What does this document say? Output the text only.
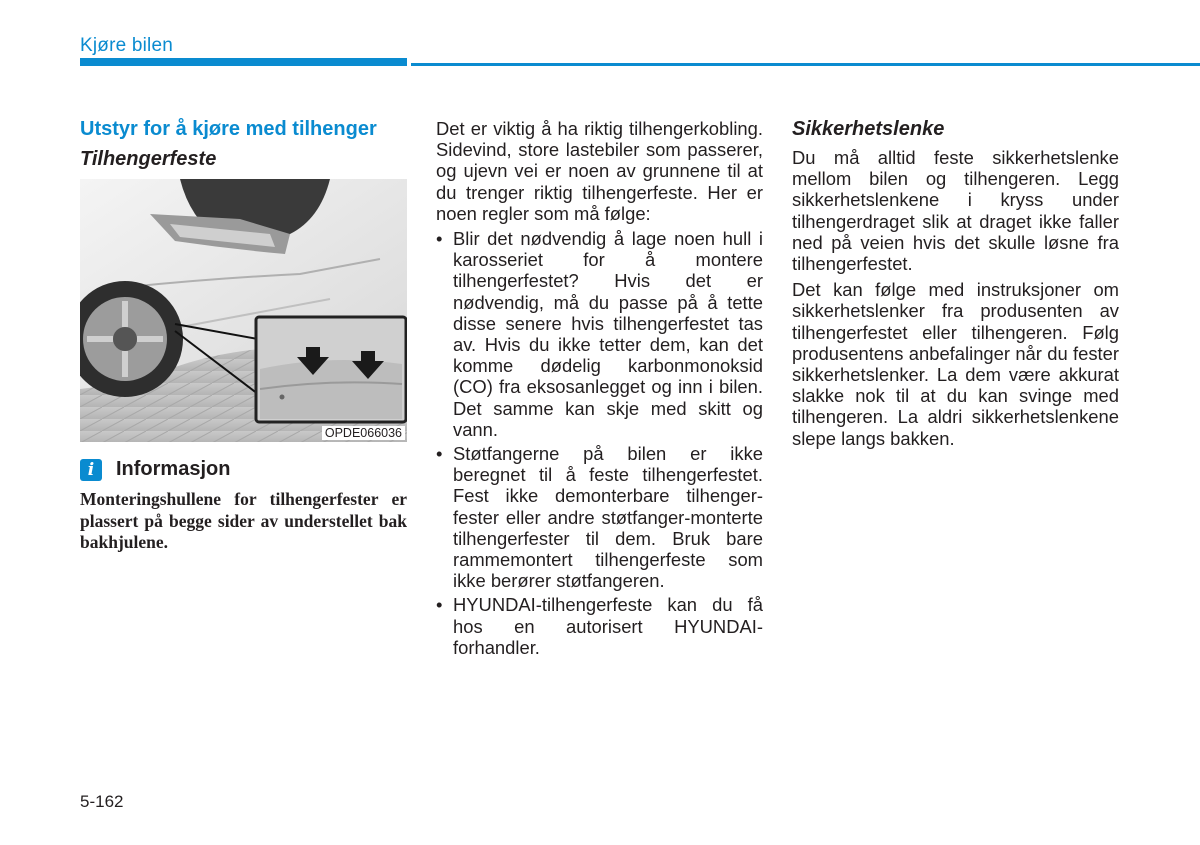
Kjøre bilen
Utstyr for å kjøre med tilhenger
Tilhengerfeste
OPDE066036
i	Informasjon

Monteringshullene for tilhengerfester er plassert på begge sider av understellet bak bakhjulene.

Det er viktig å ha riktig tilhengerkobling. Sidevind, store lastebiler som passerer, og ujevn vei er noen av grunnene til at du trenger riktig tilhengerfeste. Her er noen regler som må følge:

• Blir det nødvendig å lage noen hull i karosseriet for å montere tilhengerfestet? Hvis det er nødvendig, må du passe på å tette disse senere hvis tilhengerfestet tas av. Hvis du ikke tetter dem, kan det komme dødelig karbonmonoksid (CO) fra eksosanlegget og inn i bilen. Det samme kan skje med skitt og vann.
• Støtfangerne på bilen er ikke beregnet til å feste tilhengerfestet. Fest ikke demonterbare tilhenger-fester eller andre støtfanger-monterte tilhengerfester til dem. Bruk bare rammemontert tilhengerfeste som ikke berører støtfangeren.
• HYUNDAI-tilhengerfeste kan du få hos en autorisert HYUNDAI-forhandler.
Sikkerhetslenke

Du må alltid feste sikkerhetslenke mellom bilen og tilhengeren. Legg sikkerhetslenkene i kryss under tilhengerdraget slik at draget ikke faller ned på veien hvis det skulle løsne fra tilhengerfestet.

Det kan følge med instruksjoner om sikkerhetslenker fra produsenten av tilhengerfestet eller tilhengeren. Følg produsentens anbefalinger når du fester sikkerhetslenker. La dem være akkurat slakke nok til at du kan svinge med tilhengeren. La aldri sikkerhetslenkene slepe langs bakken.

5-162
